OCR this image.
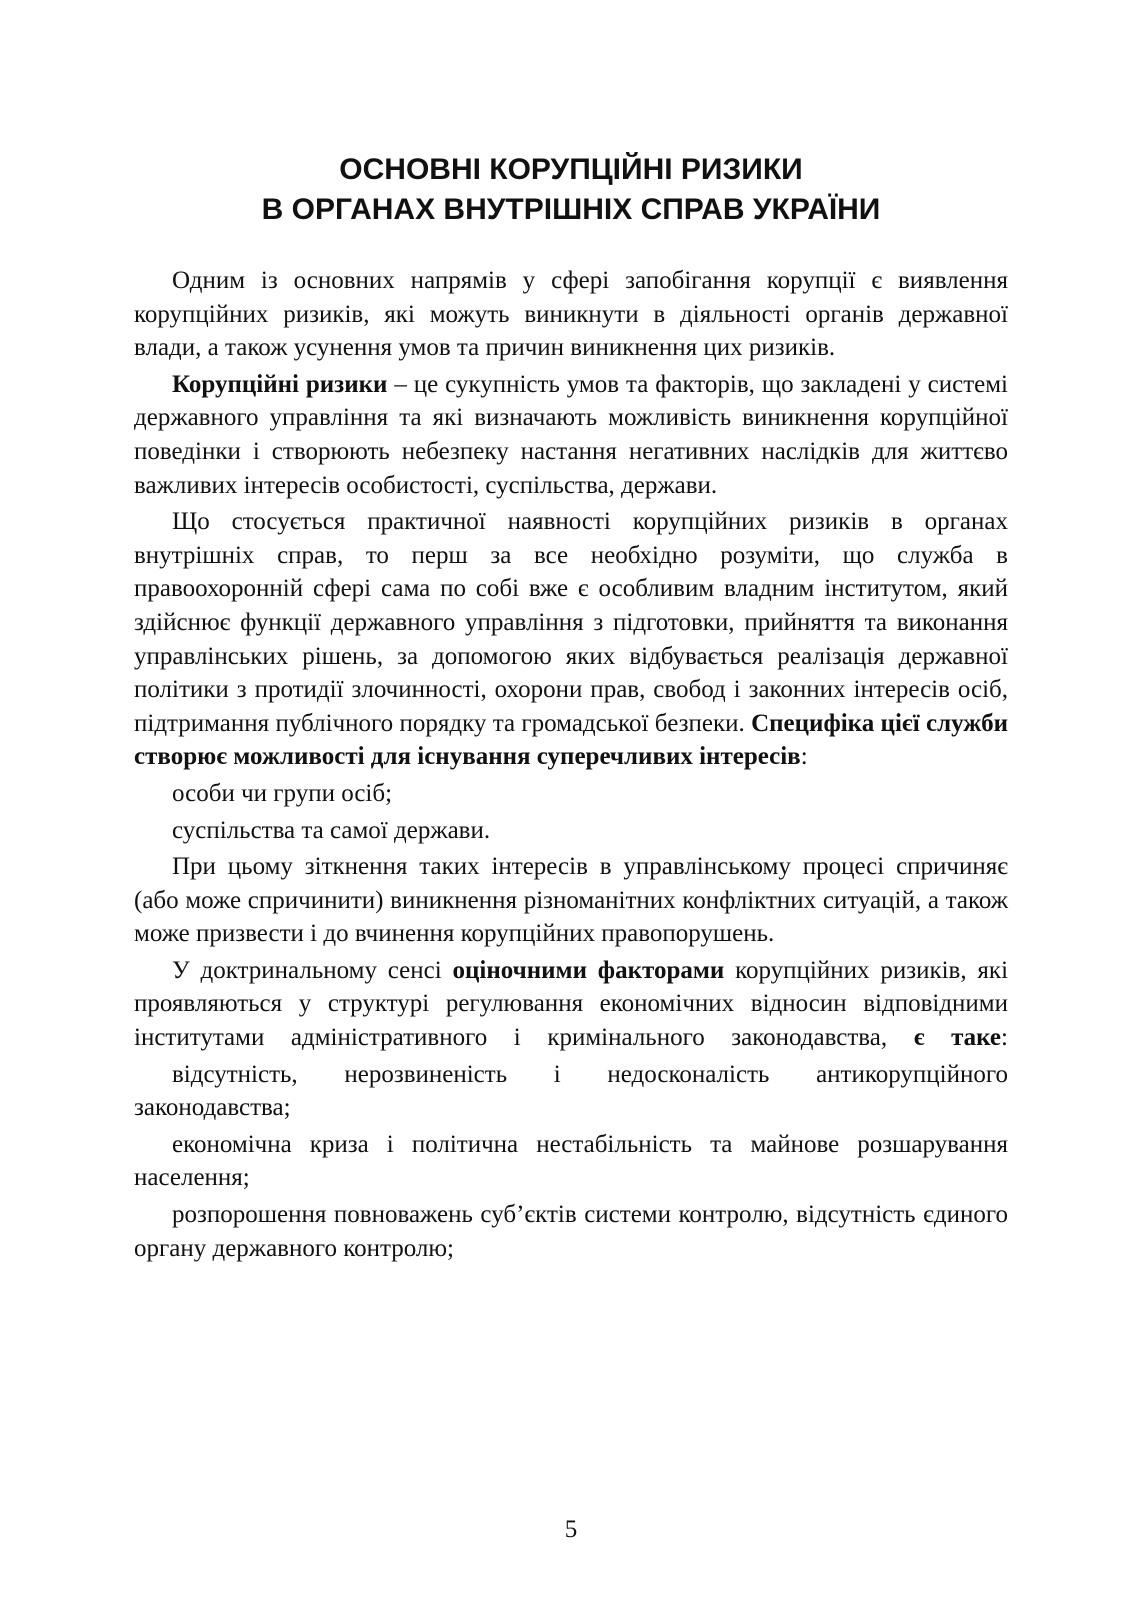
ОСНОВНІ КОРУПЦІЙНІ РИЗИКИ
В ОРГАНАХ ВНУТРІШНІХ СПРАВ УКРАЇНИ

Одним із основних напрямів у сфері запобігання корупції є виявлення корупційних ризиків, які можуть виникнути в діяльності органів державної влади, а також усунення умов та причин виникнення цих ризиків.

Корупційні ризики – це сукупність умов та факторів, що закладені у системі державного управління та які визначають можливість виникнення корупційної поведінки і створюють небезпеку настання негативних наслідків для життєво важливих інтересів особистості, суспільства, держави.

Що стосується практичної наявності корупційних ризиків в органах внутрішніх справ, то перш за все необхідно розуміти, що служба в правоохоронній сфері сама по собі вже є особливим владним інститутом, який здійснює функції державного управління з підготовки, прийняття та виконання управлінських рішень, за допомогою яких відбувається реалізація державної політики з протидії злочинності, охорони прав, свобод і законних інтересів осіб, підтримання публічного порядку та громадської безпеки. Специфіка цієї служби створює можливості для існування суперечливих інтересів:

особи чи групи осіб;

суспільства та самої держави.

При цьому зіткнення таких інтересів в управлінському процесі спричиняє (або може спричинити) виникнення різноманітних конфліктних ситуацій, а також може призвести і до вчинення корупційних правопорушень.

У доктринальному сенсі оціночними факторами корупційних ризиків, які проявляються у структурі регулювання економічних відносин відповідними інститутами адміністративного і кримінального законодавства, є таке:

відсутність, нерозвиненість і недосконалість антикорупційного законодавства;

економічна криза і політична нестабільність та майнове розшарування населення;

розпорошення повноважень суб’єктів системи контролю, відсутність єдиного органу державного контролю;

5
